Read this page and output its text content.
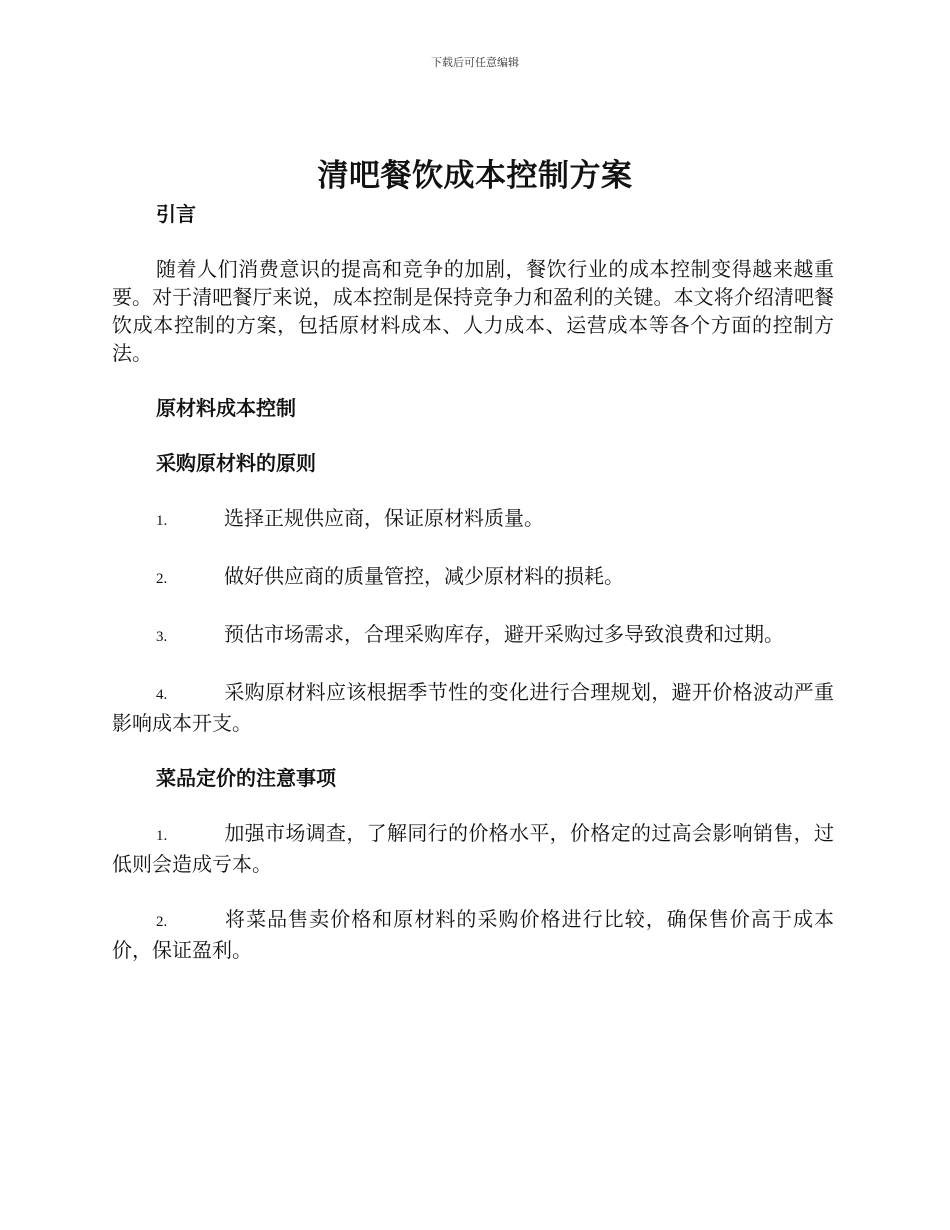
下载后可任意编辑
清吧餐饮成本控制方案
引言

随着人们消费意识的提高和竞争的加剧，餐饮行业的成本控制变得越来越重要。对于清吧餐厅来说，成本控制是保持竞争力和盈利的关键。本文将介绍清吧餐饮成本控制的方案，包括原材料成本、人力成本、运营成本等各个方面的控制方法。

原材料成本控制
采购原材料的原则

1.	选择正规供应商，保证原材料质量。

2.	做好供应商的质量管控，减少原材料的损耗。

3.	预估市场需求，合理采购库存，避开采购过多导致浪费和过期。

4.	采购原材料应该根据季节性的变化进行合理规划，避开价格波动严重影响成本开支。

菜品定价的注意事项

1.	加强市场调查，了解同行的价格水平，价格定的过高会影响销售，过低则会造成亏本。

2.	将菜品售卖价格和原材料的采购价格进行比较，确保售价高于成本价，保证盈利。
